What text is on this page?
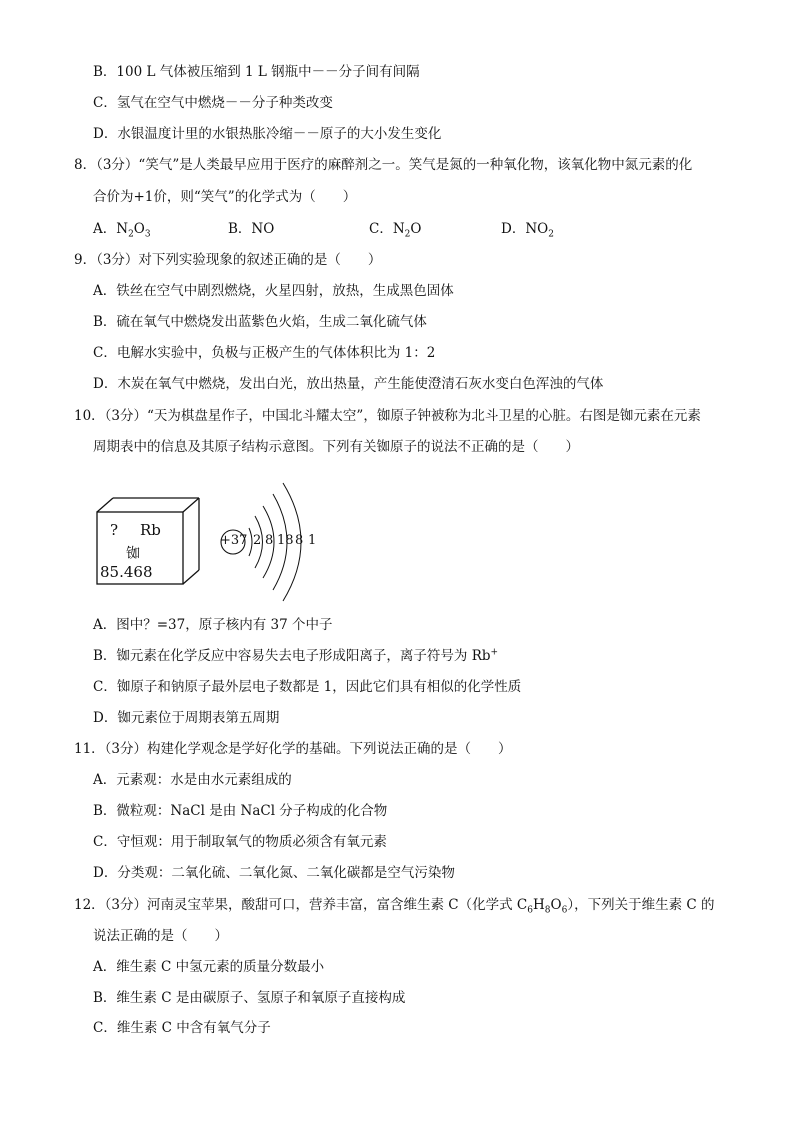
B．100 L 气体被压缩到 1 L 钢瓶中－－分子间有间隔
C．氢气在空气中燃烧－－分子种类改变
D．水银温度计里的水银热胀冷缩－－原子的大小发生变化
8．（3分）“笑气”是人类最早应用于医疗的麻醉剂之一。笑气是氮的一种氧化物，该氧化物中氮元素的化
合价为+1价，则“笑气”的化学式为（　　）
A．$N_2O_3$	B．NO	C．$N_2O$	D．$NO_2$
9．（3分）对下列实验现象的叙述正确的是（　　）
A．铁丝在空气中剧烈燃烧，火星四射，放热，生成黑色固体
B．硫在氧气中燃烧发出蓝紫色火焰，生成二氧化硫气体
C．电解水实验中，负极与正极产生的气体体积比为 1：2
D．木炭在氧气中燃烧，发出白光，放出热量，产生能使澄清石灰水变白色浑浊的气体
10．（3分）“天为棋盘星作子，中国北斗耀太空”，铷原子钟被称为北斗卫星的心脏。右图是铷元素在元素
周期表中的信息及其原子结构示意图。下列有关铷原子的说法不正确的是（　　）
? Rb
铷
85.468
+37 2 8 18 8 1
A．图中？=37，原子核内有 37 个中子
B．铷元素在化学反应中容易失去电子形成阳离子，离子符号为 Rb+
C．铷原子和钠原子最外层电子数都是 1，因此它们具有相似的化学性质
D．铷元素位于周期表第五周期
11．（3分）构建化学观念是学好化学的基础。下列说法正确的是（　　）
A．元素观：水是由水元素组成的
B．微粒观：NaCl 是由 NaCl 分子构成的化合物
C．守恒观：用于制取氧气的物质必须含有氧元素
D．分类观：二氧化硫、二氧化氮、二氧化碳都是空气污染物
12．（3分）河南灵宝苹果，酸甜可口，营养丰富，富含维生素 C（化学式 $C_6H_8O_6$），下列关于维生素 C 的
说法正确的是（　　）
A．维生素 C 中氢元素的质量分数最小
B．维生素 C 是由碳原子、氢原子和氧原子直接构成
C．维生素 C 中含有氧气分子
